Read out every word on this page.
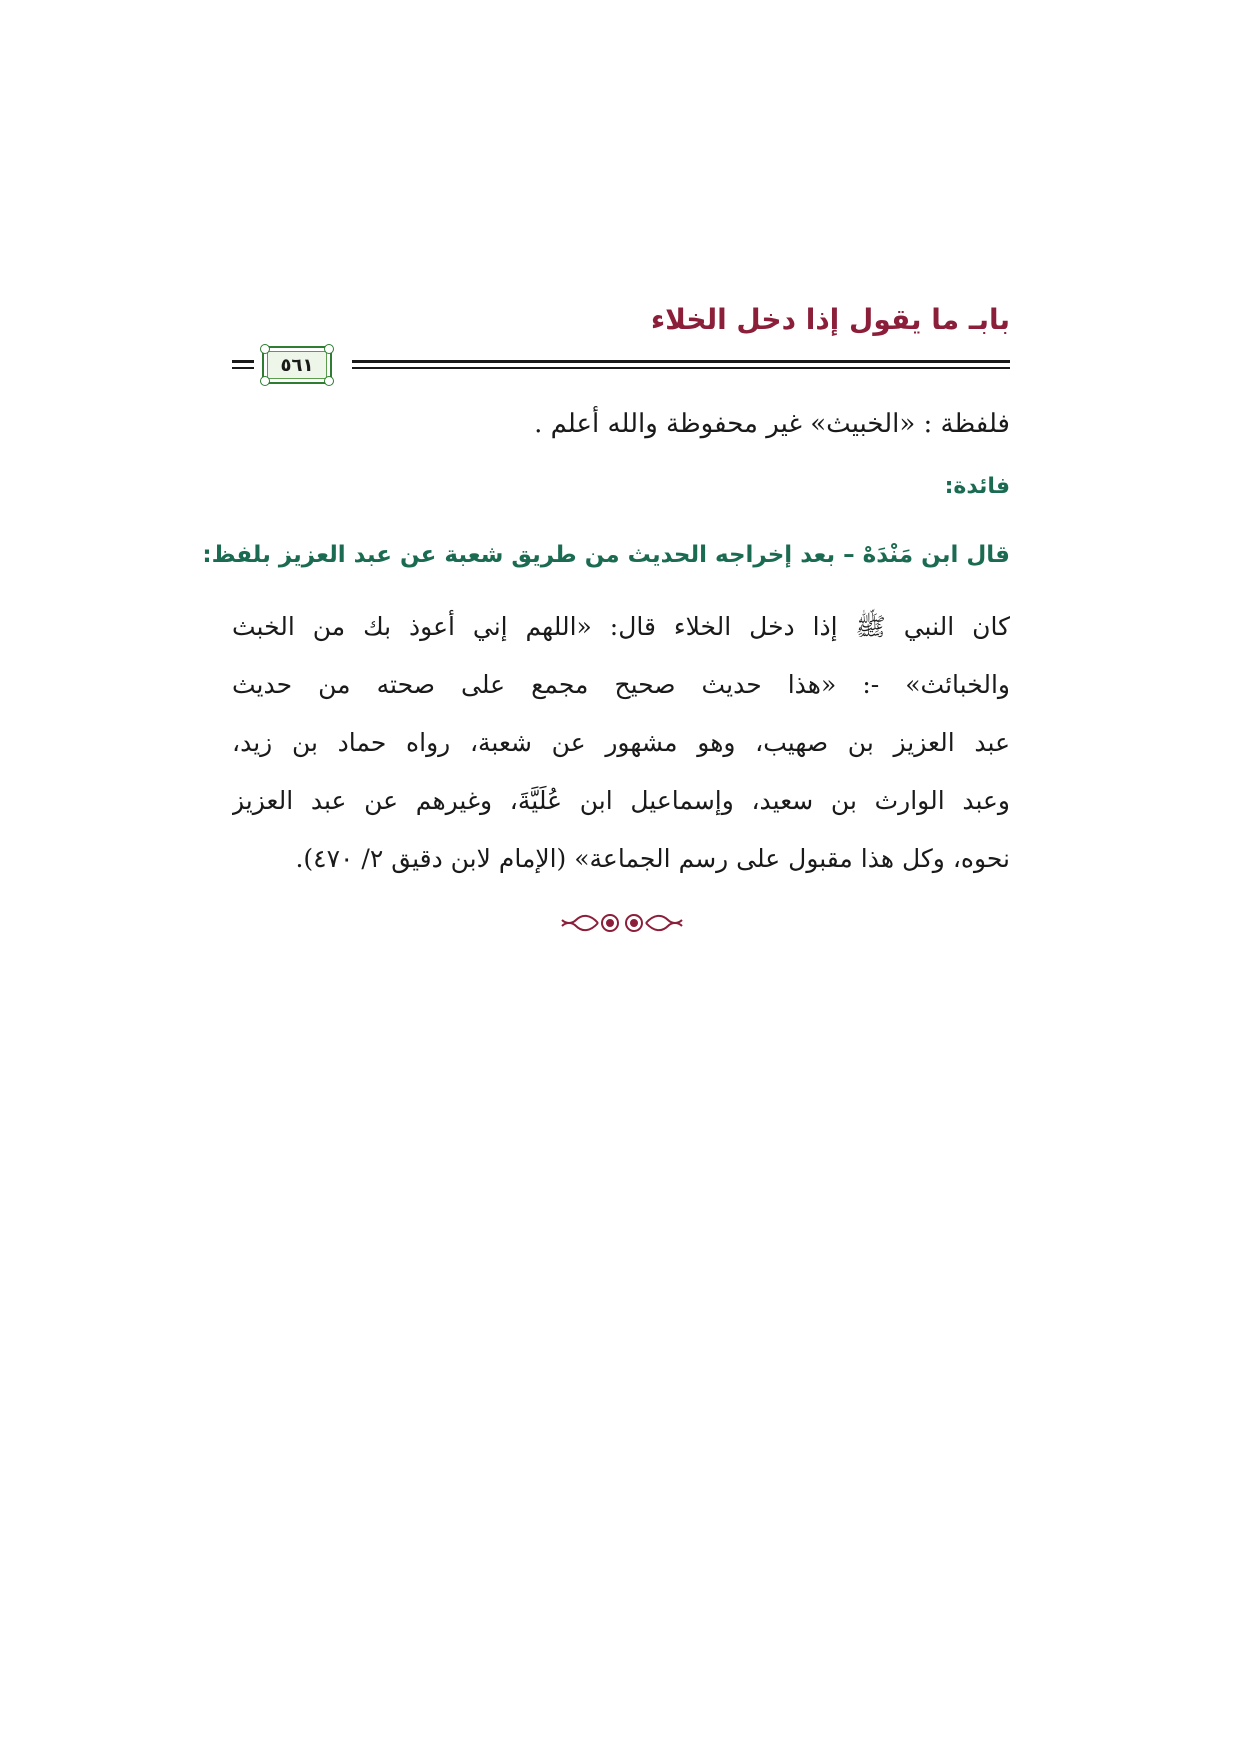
بابـ ما يقول إذا دخل الخلاء
٥٦١

فلفظة : «الخبيث» غير محفوظة والله أعلم .

فائدة:
قال ابن مَنْدَهْ – بعد إخراجه الحديث من طريق شعبة عن عبد العزيز بلفظ:

كان النبي ﷺ إذا دخل الخلاء قال: «اللهم إني أعوذ بك من الخبث

والخبائث» -: «هذا حديث صحيح مجمع على صحته من حديث

عبد العزيز بن صهيب، وهو مشهور عن شعبة، رواه حماد بن زيد،

وعبد الوارث بن سعيد، وإسماعيل ابن عُلَيَّةَ، وغيرهم عن عبد العزيز

نحوه، وكل هذا مقبول على رسم الجماعة» (الإمام لابن دقيق ٢/ ٤٧٠).
